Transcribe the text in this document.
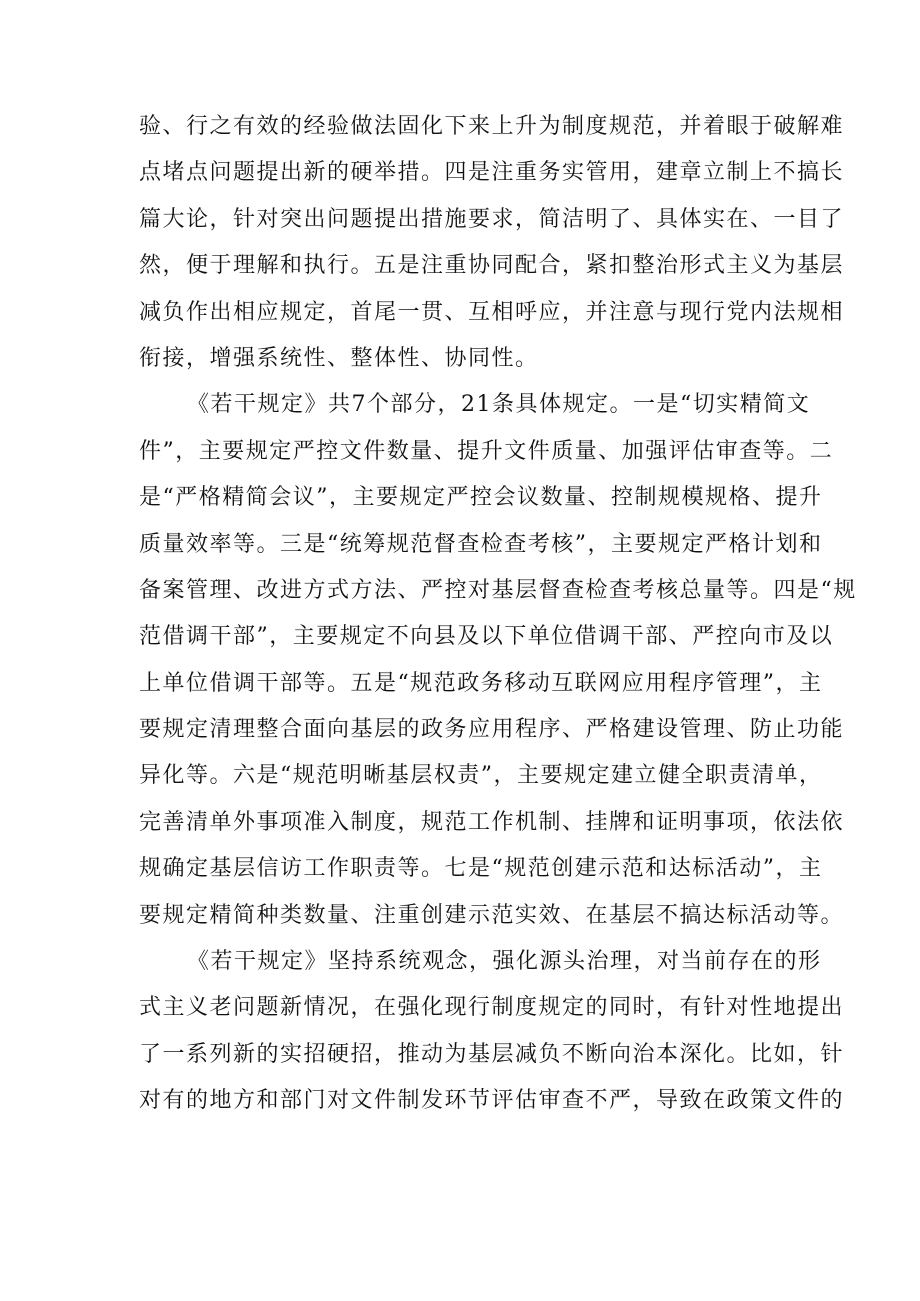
验、行之有效的经验做法固化下来上升为制度规范，并着眼于破解难
点堵点问题提出新的硬举措。四是注重务实管用，建章立制上不搞长
篇大论，针对突出问题提出措施要求，简洁明了、具体实在、一目了
然，便于理解和执行。五是注重协同配合，紧扣整治形式主义为基层
减负作出相应规定，首尾一贯、互相呼应，并注意与现行党内法规相
衔接，增强系统性、整体性、协同性。
《若干规定》共7个部分，21条具体规定。一是“切实精简文
件”，主要规定严控文件数量、提升文件质量、加强评估审查等。二
是“严格精简会议”，主要规定严控会议数量、控制规模规格、提升
质量效率等。三是“统筹规范督查检查考核”，主要规定严格计划和
备案管理、改进方式方法、严控对基层督查检查考核总量等。四是“规
范借调干部”，主要规定不向县及以下单位借调干部、严控向市及以
上单位借调干部等。五是“规范政务移动互联网应用程序管理”，主
要规定清理整合面向基层的政务应用程序、严格建设管理、防止功能
异化等。六是“规范明晰基层权责”，主要规定建立健全职责清单，
完善清单外事项准入制度，规范工作机制、挂牌和证明事项，依法依
规确定基层信访工作职责等。七是“规范创建示范和达标活动”，主
要规定精简种类数量、注重创建示范实效、在基层不搞达标活动等。
《若干规定》坚持系统观念，强化源头治理，对当前存在的形
式主义老问题新情况，在强化现行制度规定的同时，有针对性地提出
了一系列新的实招硬招，推动为基层减负不断向治本深化。比如，针
对有的地方和部门对文件制发环节评估审查不严，导致在政策文件的
